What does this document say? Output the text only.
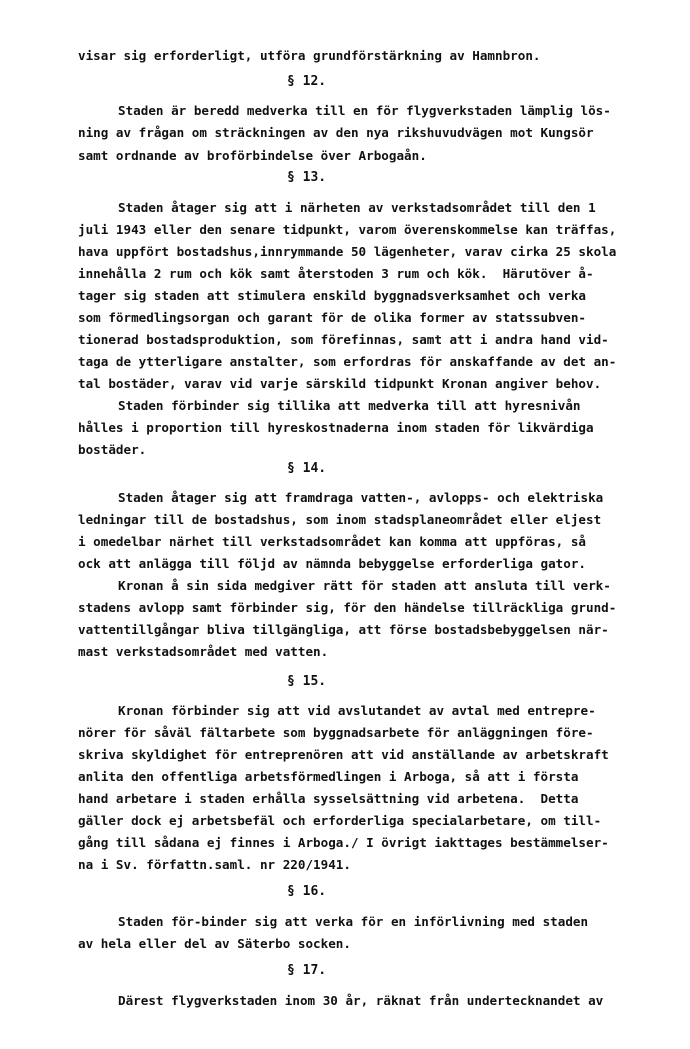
visar sig erforderligt, utföra grundförstärkning av Hamnbron.
§ 12.
Staden är beredd medverka till en för flygverkstaden lämplig lös-
ning av frågan om sträckningen av den nya rikshuvudvägen mot Kungsör
samt ordnande av broförbindelse över Arbogaån.
§ 13.
Staden åtager sig att i närheten av verkstadsområdet till den 1
juli 1943 eller den senare tidpunkt, varom överenskommelse kan träffas,
hava uppfört bostadshus,innrymmande 50 lägenheter, varav cirka 25 skola
innehålla 2 rum och kök samt återstoden 3 rum och kök.  Härutöver å-
tager sig staden att stimulera enskild byggnadsverksamhet och verka
som förmedlingsorgan och garant för de olika former av statssubven-
tionerad bostadsproduktion, som förefinnas, samt att i andra hand vid-
taga de ytterligare anstalter, som erfordras för anskaffande av det an-
tal bostäder, varav vid varje särskild tidpunkt Kronan angiver behov.
Staden förbinder sig tillika att medverka till att hyresnivån
hålles i proportion till hyreskostnaderna inom staden för likvärdiga
bostäder.
§ 14.
Staden åtager sig att framdraga vatten-, avlopps- och elektriska
ledningar till de bostadshus, som inom stadsplaneområdet eller eljest
i omedelbar närhet till verkstadsområdet kan komma att uppföras, så
ock att anlägga till följd av nämnda bebyggelse erforderliga gator.
Kronan å sin sida medgiver rätt för staden att ansluta till verk-
stadens avlopp samt förbinder sig, för den händelse tillräckliga grund-
vattentillgångar bliva tillgängliga, att förse bostadsbebyggelsen när-
mast verkstadsområdet med vatten.
§ 15.
Kronan förbinder sig att vid avslutandet av avtal med entrepre-
nörer för såväl fältarbete som byggnadsarbete för anläggningen före-
skriva skyldighet för entreprenören att vid anställande av arbetskraft
anlita den offentliga arbetsförmedlingen i Arboga, så att i första
hand arbetare i staden erhålla sysselsättning vid arbetena.  Detta
gäller dock ej arbetsbefäl och erforderliga specialarbetare, om till-
gång till sådana ej finnes i Arboga./ I övrigt iakttages bestämmelser-
na i Sv. författn.saml. nr 220/1941.
§ 16.
Staden för-binder sig att verka för en införlivning med staden
av hela eller del av Säterbo socken.
§ 17.
Därest flygverkstaden inom 30 år, räknat från undertecknandet av
